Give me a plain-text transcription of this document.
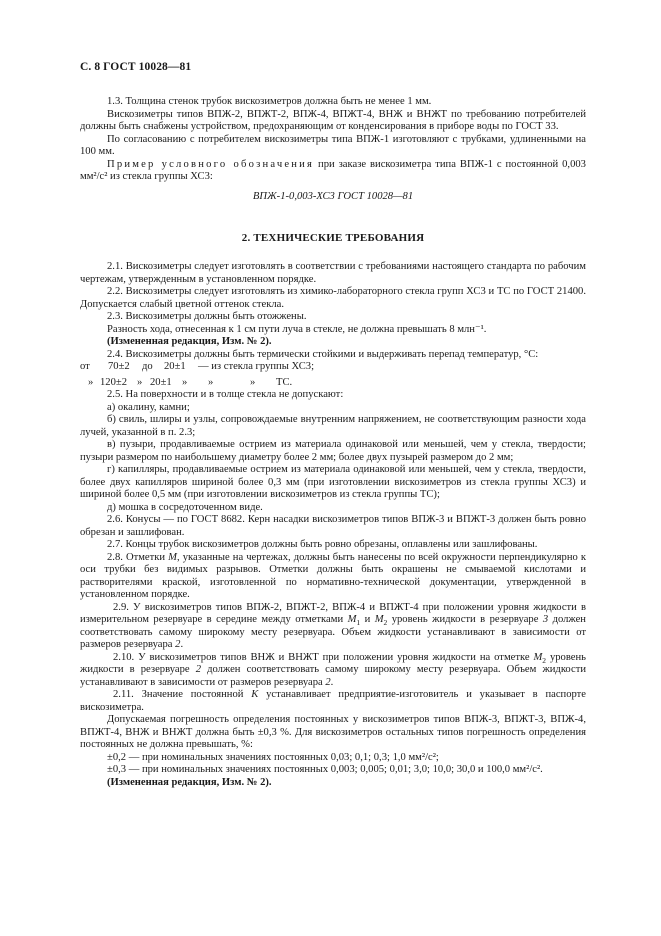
С. 8 ГОСТ 10028—81

1.3. Толщина стенок трубок вискозиметров должна быть не менее 1 мм.

Вискозиметры типов ВПЖ-2, ВПЖТ-2, ВПЖ-4, ВПЖТ-4, ВНЖ и ВНЖТ по требованию потребителей должны быть снабжены устройством, предохраняющим от конденсирования в приборе воды по ГОСТ 33.

По согласованию с потребителем вискозиметры типа ВПЖ-1 изготовляют с трубками, удлиненными на 100 мм.

Пример условного обозначения при заказе вискозиметра типа ВПЖ-1 с постоянной 0,003 мм²/с² из стекла группы ХС3:

ВПЖ-1-0,003-ХС3 ГОСТ 10028—81

2. ТЕХНИЧЕСКИЕ ТРЕБОВАНИЯ

2.1. Вискозиметры следует изготовлять в соответствии с требованиями настоящего стандарта по рабочим чертежам, утвержденным в установленном порядке.

2.2. Вискозиметры следует изготовлять из химико-лабораторного стекла групп ХС3 и ТС по ГОСТ 21400. Допускается слабый цветной оттенок стекла.

2.3. Вискозиметры должны быть отожжены.

Разность хода, отнесенная к 1 см пути луча в стекле, не должна превышать 8 млн⁻¹.

(Измененная редакция, Изм. № 2).

2.4. Вискозиметры должны быть термически стойкими и выдерживать перепад температур, °С:

от	70±2	до	20±1	— из стекла группы ХС3;
» 120±2 » 20±1 »	»	»	ТС.

2.5. На поверхности и в толще стекла не допускают:

а) окалину, камни;

б) свиль, шлиры и узлы, сопровождаемые внутренним напряжением, не соответствующим разности хода лучей, указанной в п. 2.3;

в) пузыри, продавливаемые острием из материала одинаковой или меньшей, чем у стекла, твердости; пузыри размером по наибольшему диаметру более 2 мм; более двух пузырей размером до 2 мм;

г) капилляры, продавливаемые острием из материала одинаковой или меньшей, чем у стекла, твердости, более двух капилляров шириной более 0,3 мм (при изготовлении вискозиметров из стекла группы ХС3) и шириной более 0,5 мм (при изготовлении вискозиметров из стекла группы ТС);

д) мошка в сосредоточенном виде.

2.6. Конусы — по ГОСТ 8682. Керн насадки вискозиметров типов ВПЖ-3 и ВПЖТ-3 должен быть ровно обрезан и зашлифован.

2.7. Концы трубок вискозиметров должны быть ровно обрезаны, оплавлены или зашлифованы.

2.8. Отметки М, указанные на чертежах, должны быть нанесены по всей окружности перпендикулярно к оси трубки без видимых разрывов. Отметки должны быть окрашены не смываемой кислотами и растворителями краской, изготовленной по нормативно-технической документации, утвержденной в установленном порядке.

2.9. У вискозиметров типов ВПЖ-2, ВПЖТ-2, ВПЖ-4 и ВПЖТ-4 при положении уровня жидкости в измерительном резервуаре в середине между отметками $М_1$ и $М_2$ уровень жидкости в резервуаре 3 должен соответствовать самому широкому месту резервуара. Объем жидкости устанавливают в зависимости от размеров резервуара 2.

2.10. У вискозиметров типов ВНЖ и ВНЖТ при положении уровня жидкости на отметке $М_2$ уровень жидкости в резервуаре 2 должен соответствовать самому широкому месту резервуара. Объем жидкости устанавливают в зависимости от размеров резервуара 2.

2.11. Значение постоянной К устанавливает предприятие-изготовитель и указывает в паспорте вискозиметра.

Допускаемая погрешность определения постоянных у вискозиметров типов ВПЖ-3, ВПЖТ-3, ВПЖ-4, ВПЖТ-4, ВНЖ и ВНЖТ должна быть ±0,3 %. Для вискозиметров остальных типов погрешность определения постоянных не должна превышать, %:

±0,2 — при номинальных значениях постоянных 0,03; 0,1; 0,3; 1,0 мм²/с²;

±0,3 — при номинальных значениях постоянных 0,003; 0,005; 0,01; 3,0; 10,0; 30,0 и 100,0 мм²/с².

(Измененная редакция, Изм. № 2).
